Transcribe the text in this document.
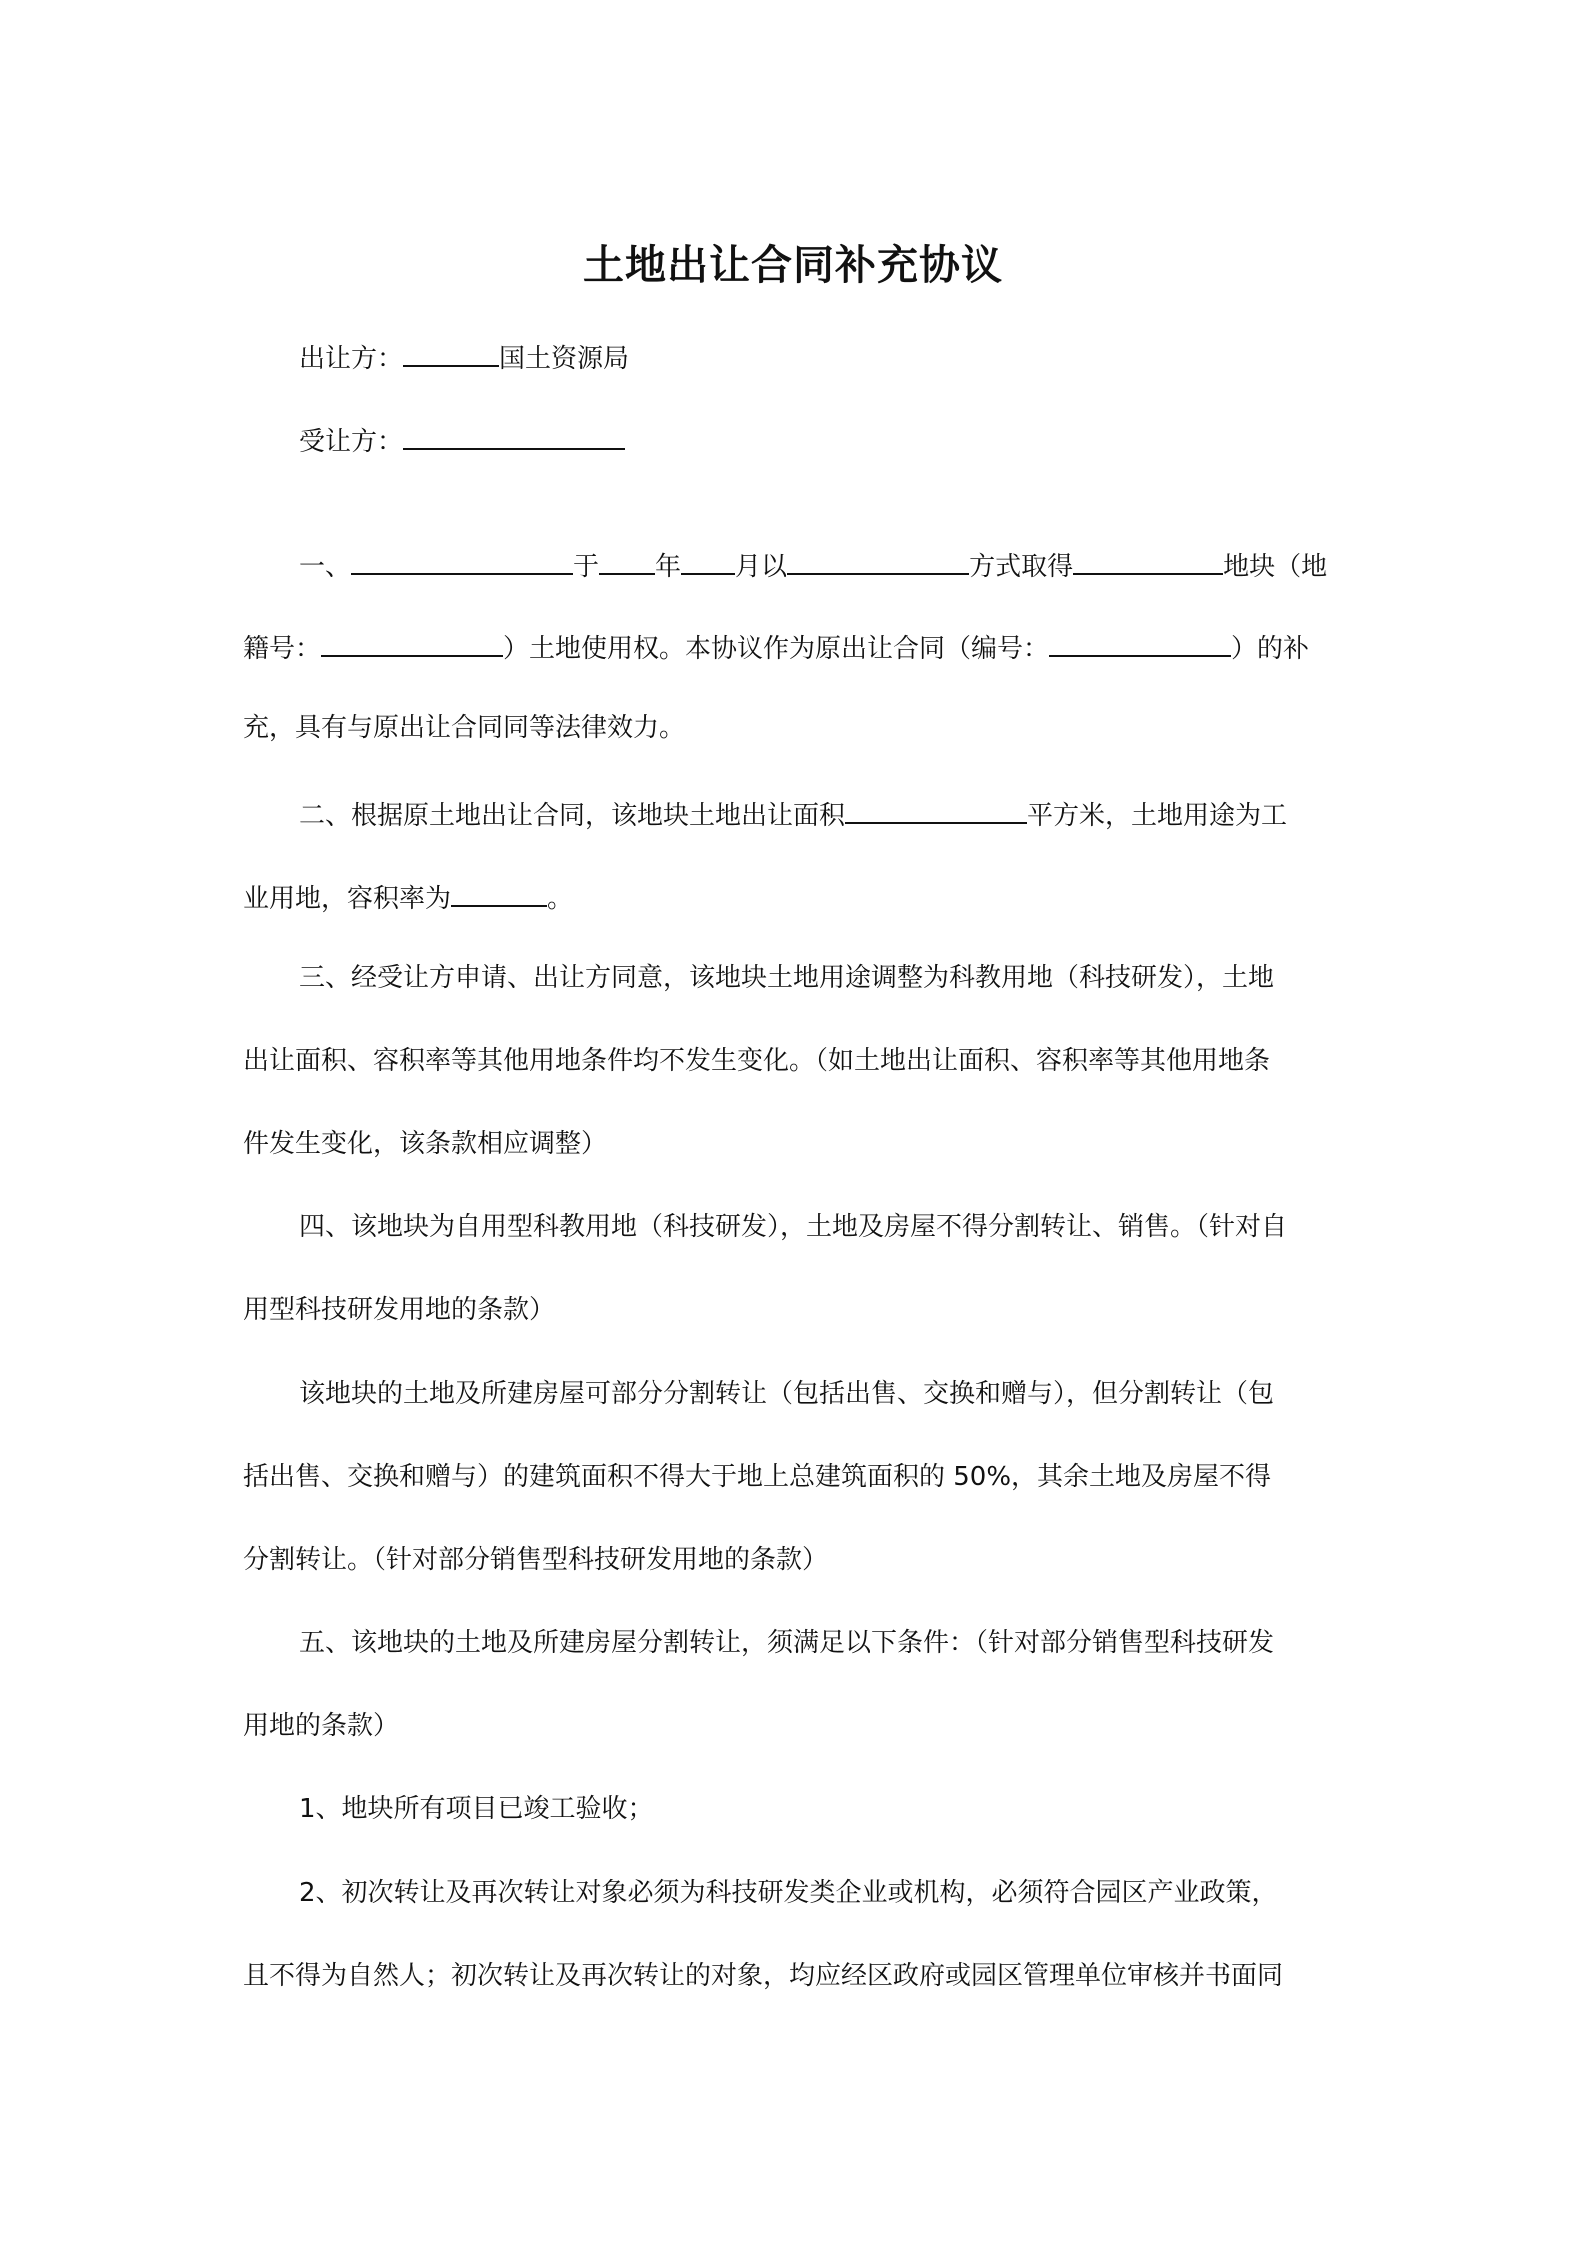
土地出让合同补充协议
出让方：	国土资源局
受让方：
一、	于 年 月以	方式取得	地块（地
籍号：	）土地使用权。本协议作为原出让合同（编号：	）的补
充，具有与原出让合同同等法律效力。
二、根据原土地出让合同，该地块土地出让面积	平方米，土地用途为工
业用地，容积率为	。
三、经受让方申请、出让方同意，该地块土地用途调整为科教用地（科技研发），土地
出让面积、容积率等其他用地条件均不发生变化。（如土地出让面积、容积率等其他用地条
件发生变化，该条款相应调整）
四、该地块为自用型科教用地（科技研发），土地及房屋不得分割转让、销售。（针对自
用型科技研发用地的条款）
该地块的土地及所建房屋可部分分割转让（包括出售、交换和赠与），但分割转让（包
括出售、交换和赠与）的建筑面积不得大于地上总建筑面积的 50%，其余土地及房屋不得
分割转让。（针对部分销售型科技研发用地的条款）
五、该地块的土地及所建房屋分割转让，须满足以下条件：（针对部分销售型科技研发
用地的条款）
1、地块所有项目已竣工验收；
2、初次转让及再次转让对象必须为科技研发类企业或机构，必须符合园区产业政策，
且不得为自然人；初次转让及再次转让的对象，均应经区政府或园区管理单位审核并书面同
